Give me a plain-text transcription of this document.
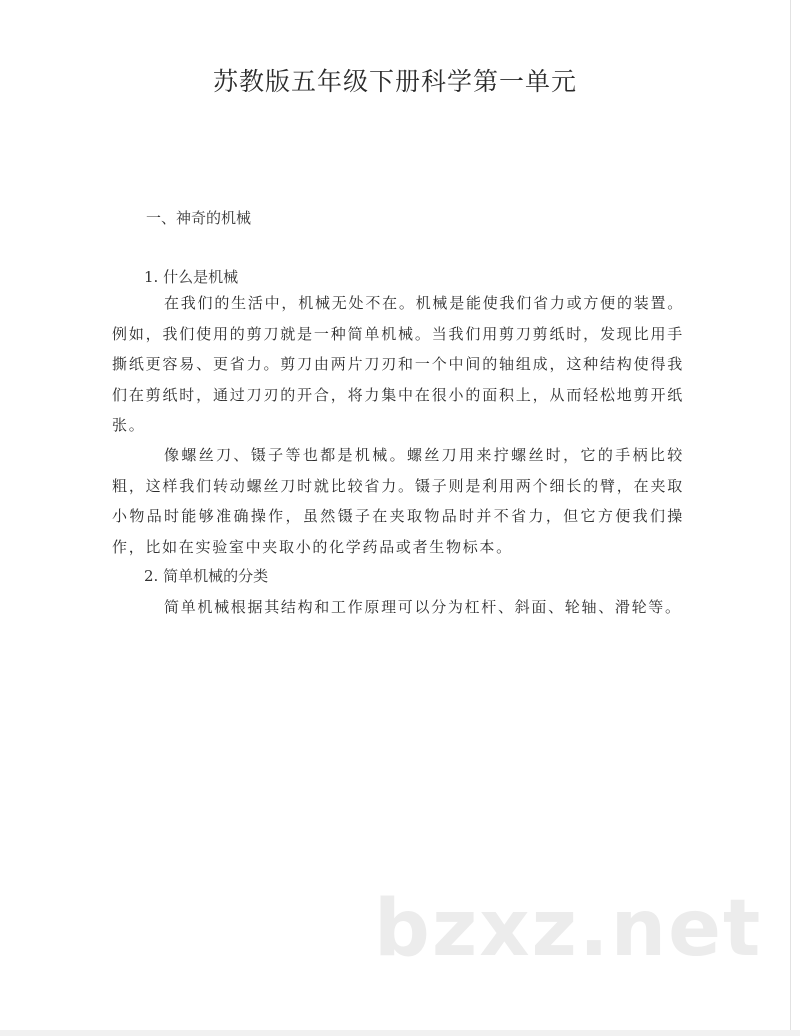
苏教版五年级下册科学第一单元
一、神奇的机械
1. 什么是机械
在我们的生活中，机械无处不在。机械是能使我们省力或方便的装置。例如，我们使用的剪刀就是一种简单机械。当我们用剪刀剪纸时，发现比用手撕纸更容易、更省力。剪刀由两片刀刃和一个中间的轴组成，这种结构使得我们在剪纸时，通过刀刃的开合，将力集中在很小的面积上，从而轻松地剪开纸张。
像螺丝刀、镊子等也都是机械。螺丝刀用来拧螺丝时，它的手柄比较粗，这样我们转动螺丝刀时就比较省力。镊子则是利用两个细长的臂，在夹取小物品时能够准确操作，虽然镊子在夹取物品时并不省力，但它方便我们操作，比如在实验室中夹取小的化学药品或者生物标本。
2. 简单机械的分类
简单机械根据其结构和工作原理可以分为杠杆、斜面、轮轴、滑轮等。
bzxz.net
